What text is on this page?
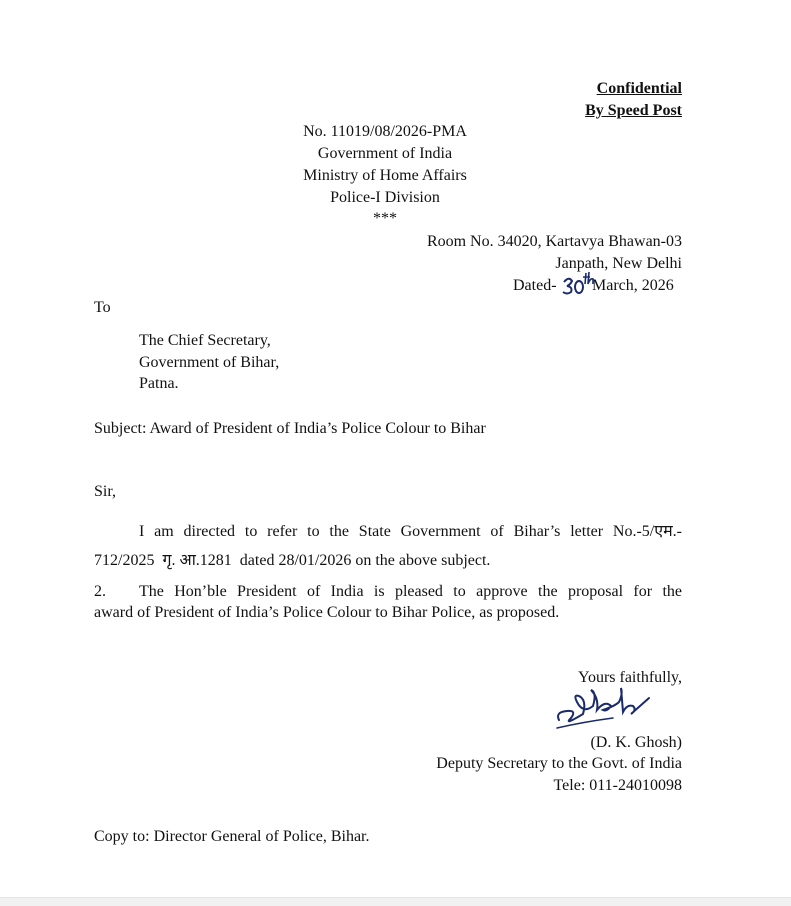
Confidential
By Speed Post
No. 11019/08/2026-PMA
Government of India
Ministry of Home Affairs
Police-I Division
***
Room No. 34020, Kartavya Bhawan-03
Janpath, New Delhi
Dated- March, 2026
To
The Chief Secretary,
Government of Bihar,
Patna.
Subject: Award of President of India’s Police Colour to Bihar
Sir,
I am directed to refer to the State Government of Bihar’s letter No.-5/एम.-
712/2025  गृ. आ.1281  dated 28/01/2026 on the above subject.
2. The Hon’ble President of India is pleased to approve the proposal for the
award of President of India’s Police Colour to Bihar Police, as proposed.
Yours faithfully,
(D. K. Ghosh)
Deputy Secretary to the Govt. of India
Tele: 011-24010098
Copy to: Director General of Police, Bihar.
